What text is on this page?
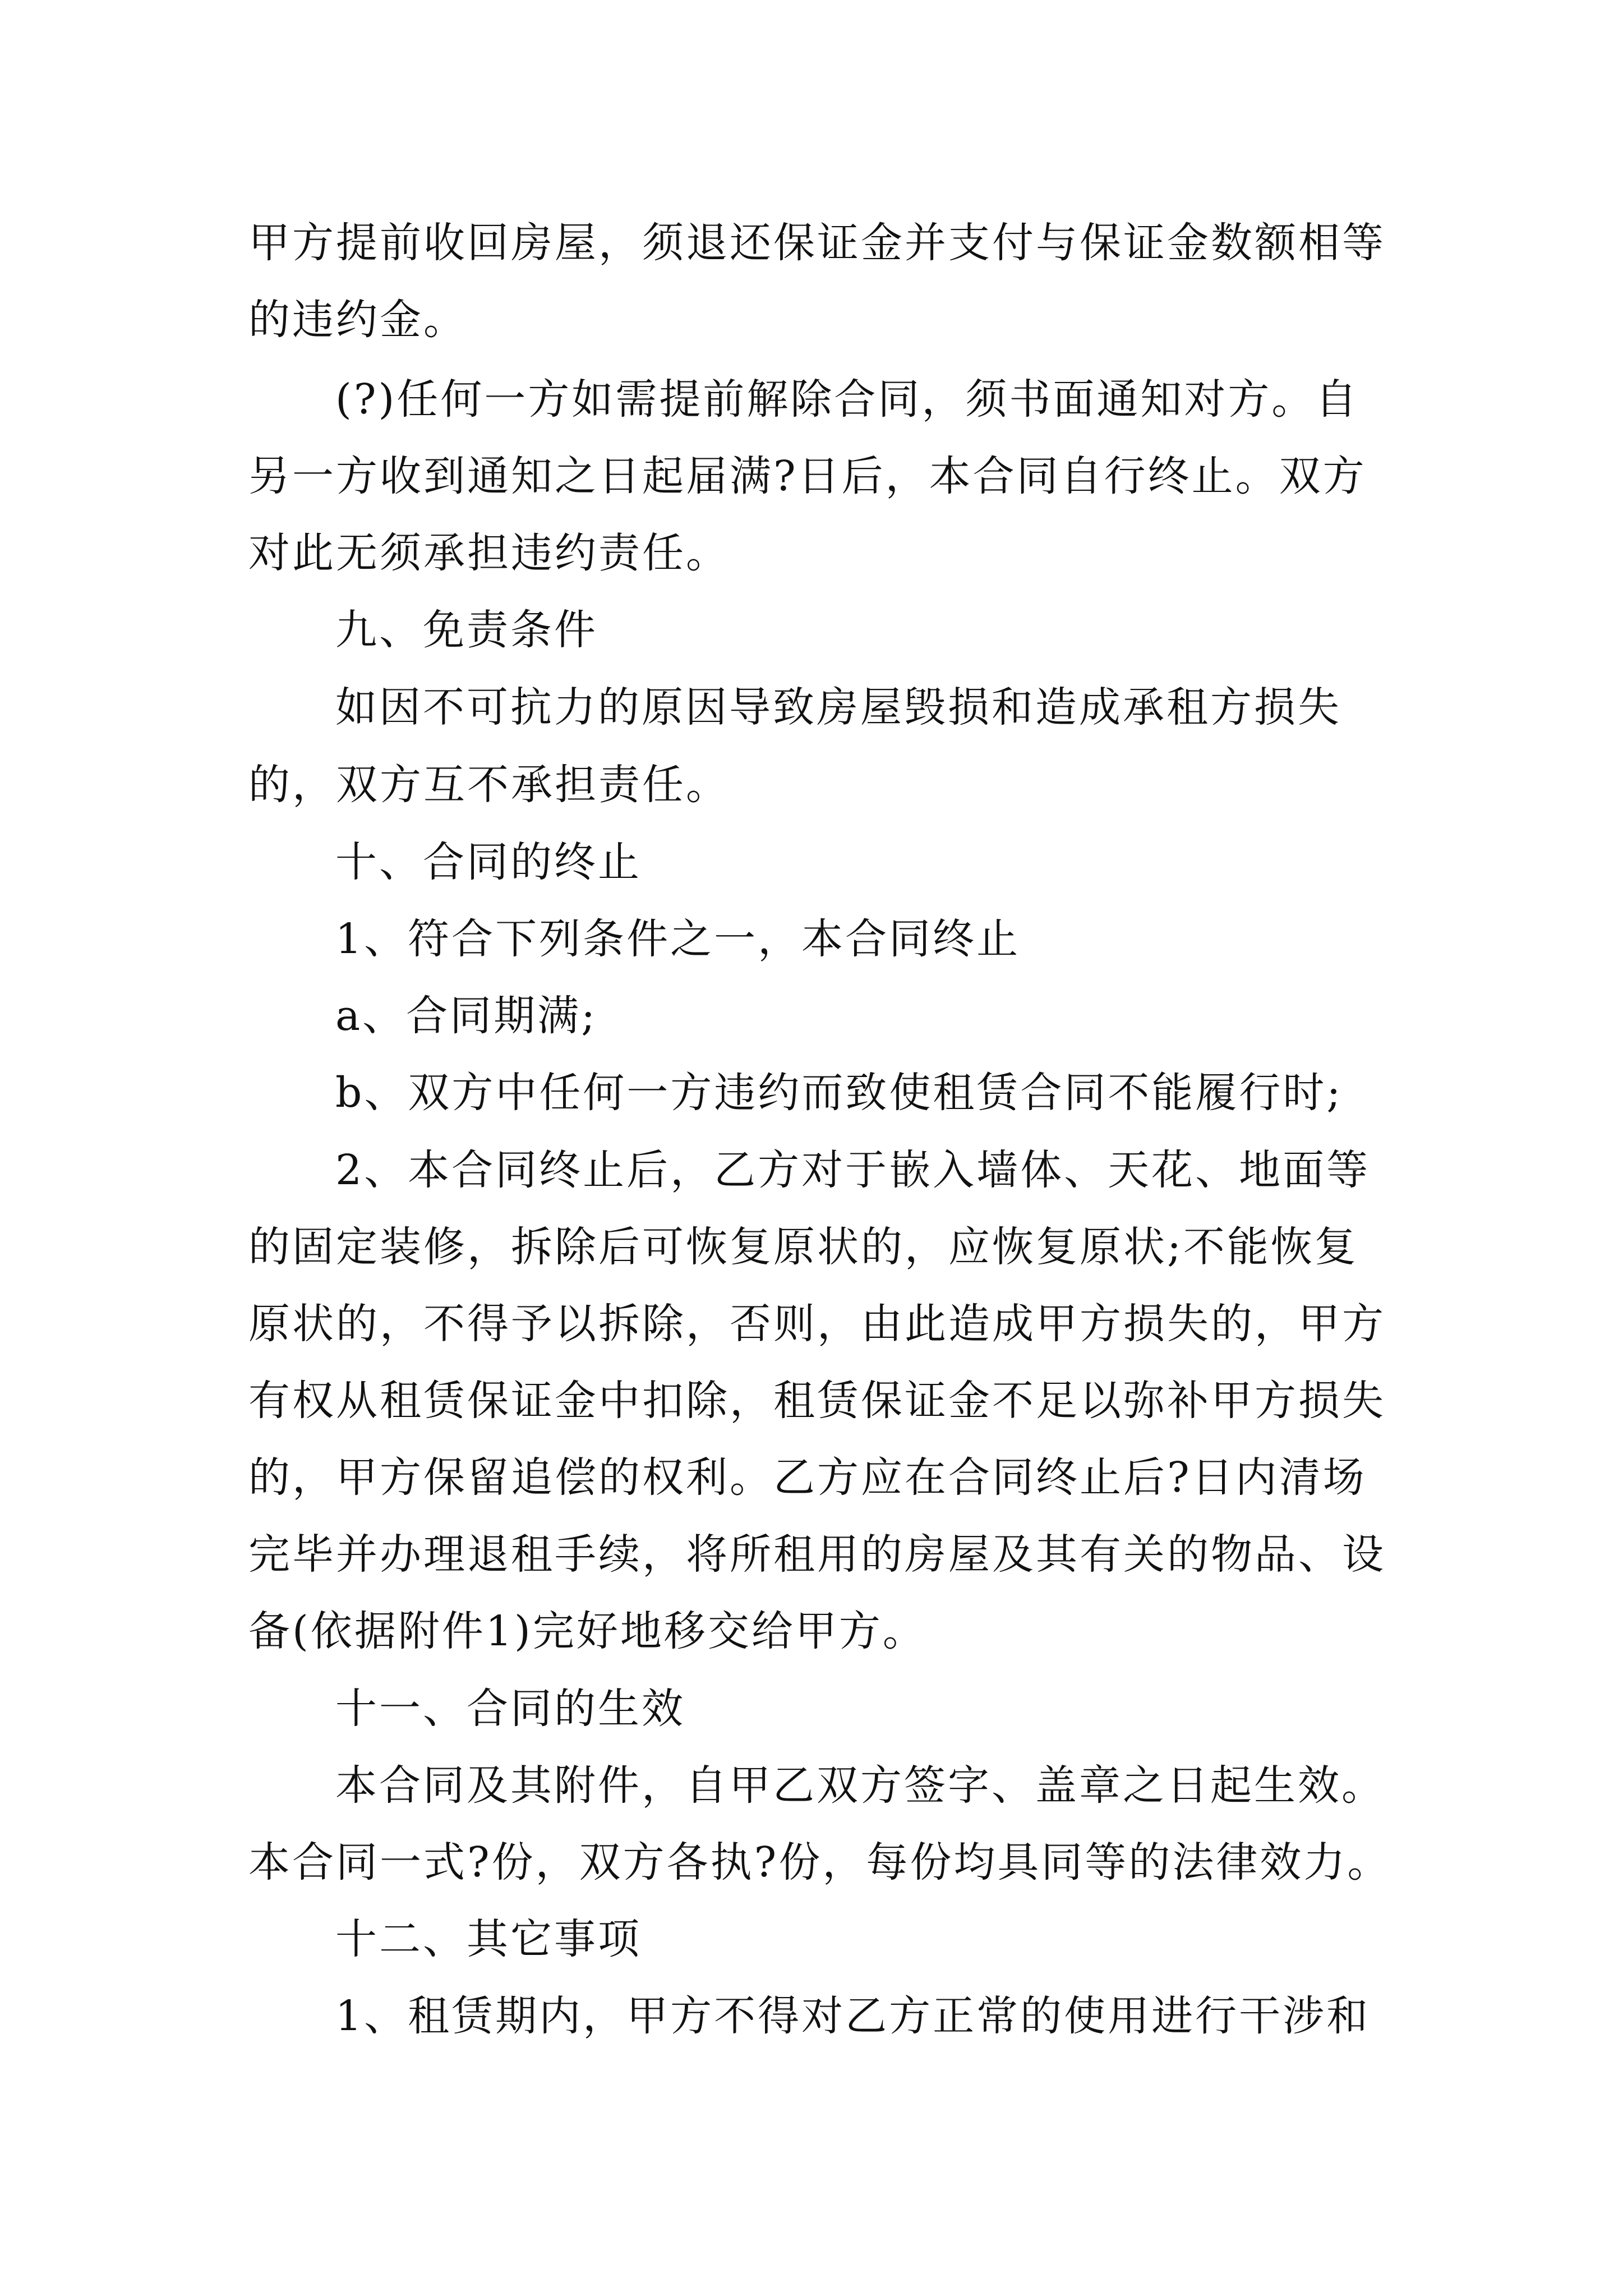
甲方提前收回房屋，须退还保证金并支付与保证金数额相等
的违约金。
(?)任何一方如需提前解除合同，须书面通知对方。自
另一方收到通知之日起届满?日后，本合同自行终止。双方
对此无须承担违约责任。
九、免责条件
如因不可抗力的原因导致房屋毁损和造成承租方损失
的，双方互不承担责任。
十、合同的终止
1、符合下列条件之一，本合同终止
a、合同期满;
b、双方中任何一方违约而致使租赁合同不能履行时;
2、本合同终止后，乙方对于嵌入墙体、天花、地面等
的固定装修，拆除后可恢复原状的，应恢复原状;不能恢复
原状的，不得予以拆除，否则，由此造成甲方损失的，甲方
有权从租赁保证金中扣除，租赁保证金不足以弥补甲方损失
的，甲方保留追偿的权利。乙方应在合同终止后?日内清场
完毕并办理退租手续，将所租用的房屋及其有关的物品、设
备(依据附件1)完好地移交给甲方。
十一、合同的生效
本合同及其附件，自甲乙双方签字、盖章之日起生效。
本合同一式?份，双方各执?份，每份均具同等的法律效力。
十二、其它事项
1、租赁期内，甲方不得对乙方正常的使用进行干涉和
